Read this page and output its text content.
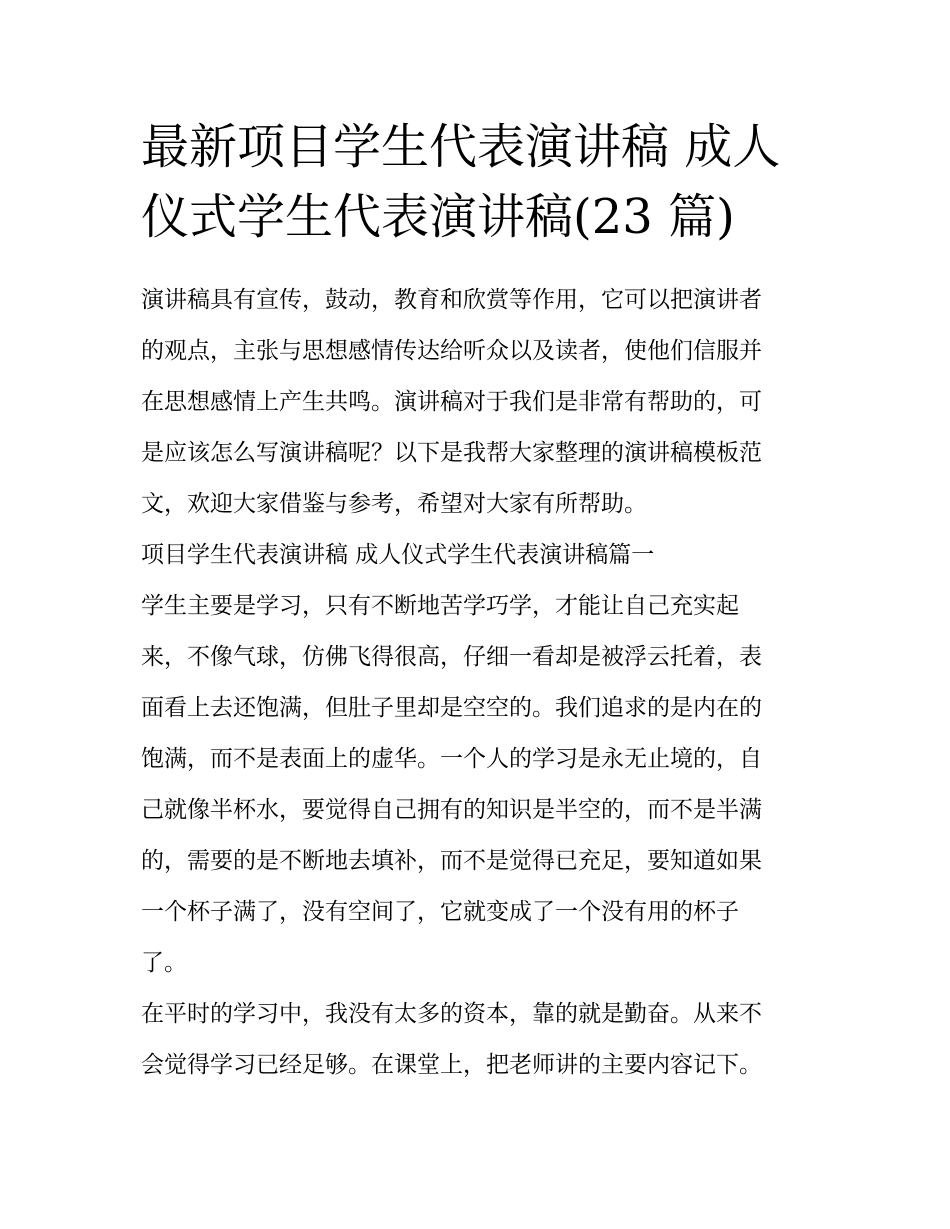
最新项目学生代表演讲稿 成人
仪式学生代表演讲稿(23 篇)
演讲稿具有宣传，鼓动，教育和欣赏等作用，它可以把演讲者
的观点，主张与思想感情传达给听众以及读者，使他们信服并
在思想感情上产生共鸣。演讲稿对于我们是非常有帮助的，可
是应该怎么写演讲稿呢？以下是我帮大家整理的演讲稿模板范
文，欢迎大家借鉴与参考，希望对大家有所帮助。
项目学生代表演讲稿 成人仪式学生代表演讲稿篇一
学生主要是学习，只有不断地苦学巧学，才能让自己充实起
来，不像气球，仿佛飞得很高，仔细一看却是被浮云托着，表
面看上去还饱满，但肚子里却是空空的。我们追求的是内在的
饱满，而不是表面上的虚华。一个人的学习是永无止境的，自
己就像半杯水，要觉得自己拥有的知识是半空的，而不是半满
的，需要的是不断地去填补，而不是觉得已充足，要知道如果
一个杯子满了，没有空间了，它就变成了一个没有用的杯子
了。
在平时的学习中，我没有太多的资本，靠的就是勤奋。从来不
会觉得学习已经足够。在课堂上，把老师讲的主要内容记下。
